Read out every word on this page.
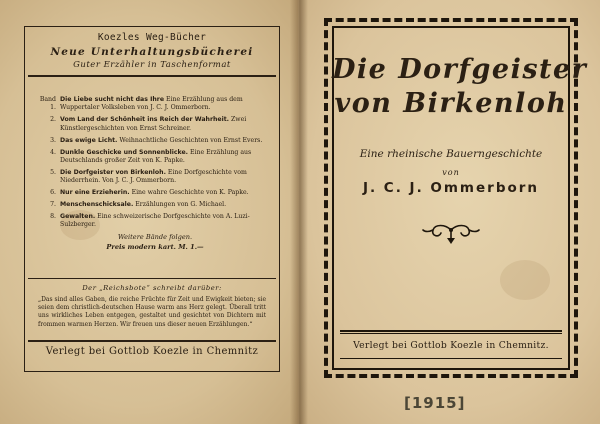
Koezles Weg-Bücher
Neue Unterhaltungsbücherei
Guter Erzähler in Taschenformat
Band 1.
Die Liebe sucht nicht das Ihre Eine Erzählung aus dem Wuppertaler Volksleben von J. C. J. Ommerborn.
2. Vom Land der Schönheit ins Reich der Wahrheit. Zwei Künstlergeschichten von Ernst Schreiner.
3. Das ewige Licht. Weihnachtliche Geschichten von Ernst Evers.
4. Dunkle Geschicke und Sonnenblicke. Eine Erzählung aus Deutschlands großer Zeit von K. Papke.
5. Die Dorfgeister von Birkenloh. Eine Dorfgeschichte vom Niederrhein. Von J. C. J. Ommerborn.
6. Nur eine Erzieherin. Eine wahre Geschichte von K. Papke.
7. Menschenschicksale. Erzählungen von G. Michael.
8. Gewalten. Eine schweizerische Dorfgeschichte von A. Luzi-Sulzberger.
Weitere Bände folgen.
Preis modern kart. M. 1.—
Der „Reichsbote“ schreibt darüber:
„Das sind alles Gaben, die reiche Früchte für Zeit und Ewigkeit bieten; sie seien dem christlich-deutschen Hause warm ans Herz gelegt. Überall tritt uns wirkliches Leben entgegen, gestaltet und gesichtet von Dichtern mit frommen warmen Herzen. Wir freuen uns dieser neuen Erzählungen.“
Verlegt bei Gottlob Koezle in Chemnitz
Die Dorfgeister
von Birkenloh
Eine rheinische Bauerngeschichte
von
J. C. J. Ommerborn
Verlegt bei Gottlob Koezle in Chemnitz.
[1915]
